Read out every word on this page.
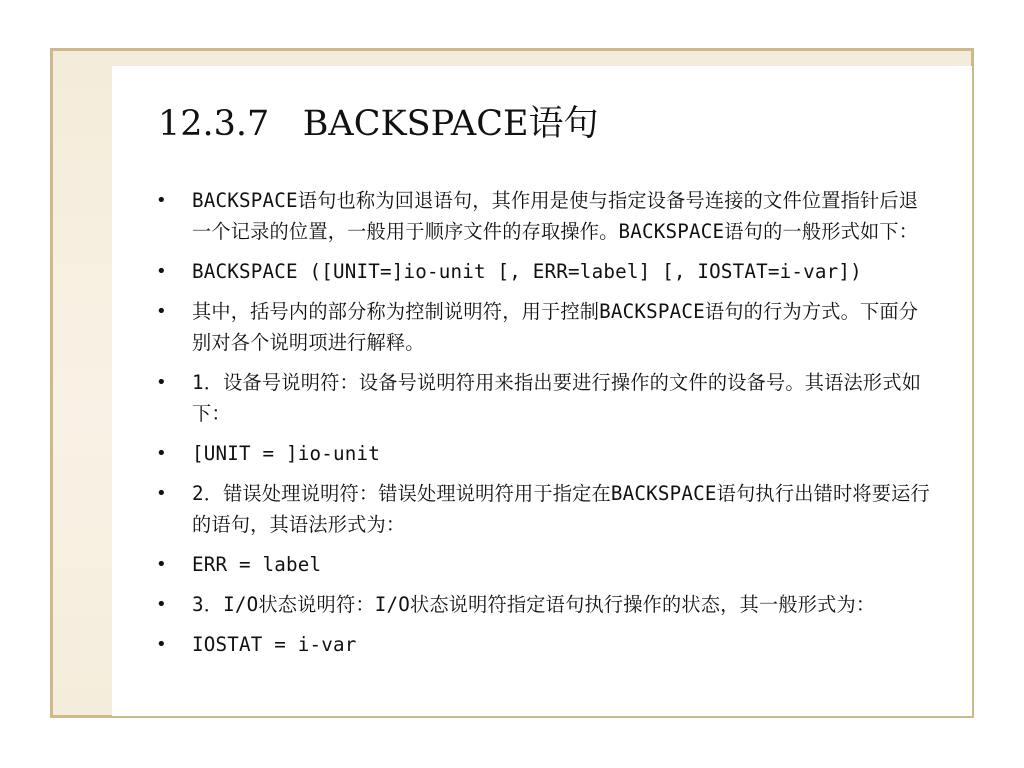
12.3.7   BACKSPACE语句
• BACKSPACE语句也称为回退语句，其作用是使与指定设备号连接的文件位置指针后退一个记录的位置，一般用于顺序文件的存取操作。BACKSPACE语句的一般形式如下：
• BACKSPACE ([UNIT=]io-unit [, ERR=label] [, IOSTAT=i-var])
• 其中，括号内的部分称为控制说明符，用于控制BACKSPACE语句的行为方式。下面分别对各个说明项进行解释。
• 1．设备号说明符：设备号说明符用来指出要进行操作的文件的设备号。其语法形式如下：
• [UNIT = ]io-unit
• 2．错误处理说明符：错误处理说明符用于指定在BACKSPACE语句执行出错时将要运行的语句，其语法形式为：
• ERR = label
• 3．I/O状态说明符：I/O状态说明符指定语句执行操作的状态，其一般形式为：
• IOSTAT = i-var
